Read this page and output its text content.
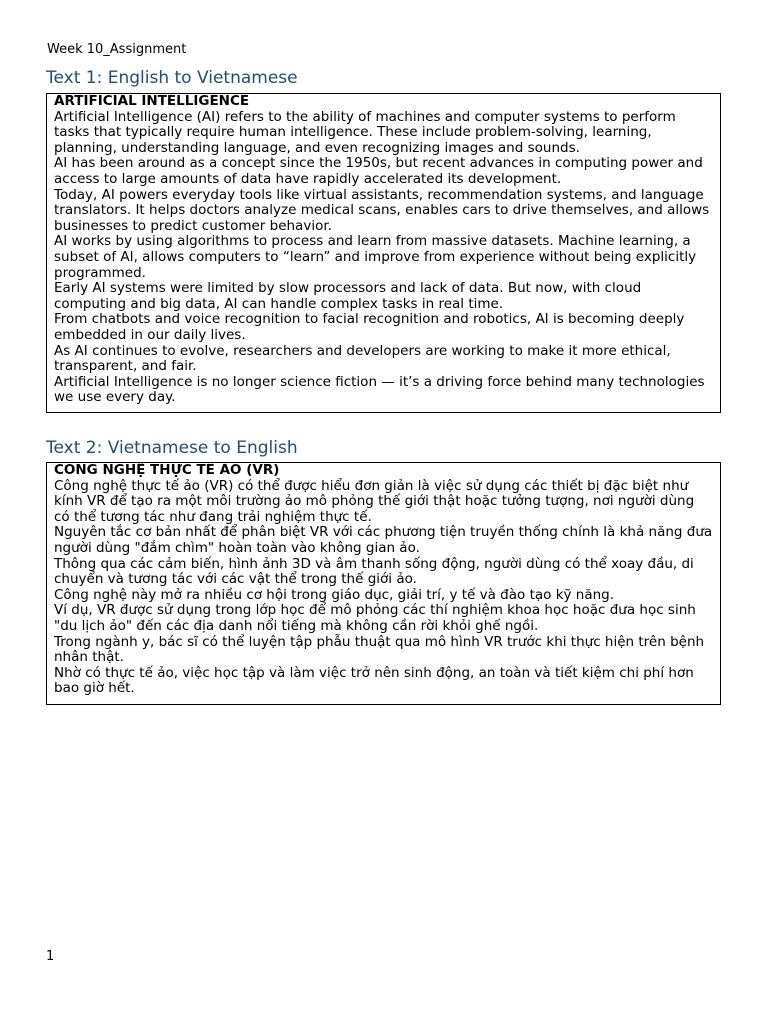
Week 10_Assignment
Text 1: English to Vietnamese
ARTIFICIAL INTELLIGENCE

Artificial Intelligence (AI) refers to the ability of machines and computer systems to perform tasks that typically require human intelligence. These include problem-solving, learning, planning, understanding language, and even recognizing images and sounds.

AI has been around as a concept since the 1950s, but recent advances in computing power and access to large amounts of data have rapidly accelerated its development.

Today, AI powers everyday tools like virtual assistants, recommendation systems, and language translators. It helps doctors analyze medical scans, enables cars to drive themselves, and allows businesses to predict customer behavior.

AI works by using algorithms to process and learn from massive datasets. Machine learning, a subset of AI, allows computers to “learn” and improve from experience without being explicitly programmed.

Early AI systems were limited by slow processors and lack of data. But now, with cloud computing and big data, AI can handle complex tasks in real time.

From chatbots and voice recognition to facial recognition and robotics, AI is becoming deeply embedded in our daily lives.

As AI continues to evolve, researchers and developers are working to make it more ethical, transparent, and fair.

Artificial Intelligence is no longer science fiction — it’s a driving force behind many technologies we use every day.

Text 2: Vietnamese to English
CÔNG NGHỆ THỰC TẾ ẢO (VR)

Công nghệ thực tế ảo (VR) có thể được hiểu đơn giản là việc sử dụng các thiết bị đặc biệt như kính VR để tạo ra một môi trường ảo mô phỏng thế giới thật hoặc tưởng tượng, nơi người dùng có thể tương tác như đang trải nghiệm thực tế.

Nguyên tắc cơ bản nhất để phân biệt VR với các phương tiện truyền thống chính là khả năng đưa người dùng "đắm chìm" hoàn toàn vào không gian ảo.

Thông qua các cảm biến, hình ảnh 3D và âm thanh sống động, người dùng có thể xoay đầu, di chuyển và tương tác với các vật thể trong thế giới ảo.

Công nghệ này mở ra nhiều cơ hội trong giáo dục, giải trí, y tế và đào tạo kỹ năng.

Ví dụ, VR được sử dụng trong lớp học để mô phỏng các thí nghiệm khoa học hoặc đưa học sinh "du lịch ảo" đến các địa danh nổi tiếng mà không cần rời khỏi ghế ngồi.

Trong ngành y, bác sĩ có thể luyện tập phẫu thuật qua mô hình VR trước khi thực hiện trên bệnh nhân thật.

Nhờ có thực tế ảo, việc học tập và làm việc trở nên sinh động, an toàn và tiết kiệm chi phí hơn bao giờ hết.

1
